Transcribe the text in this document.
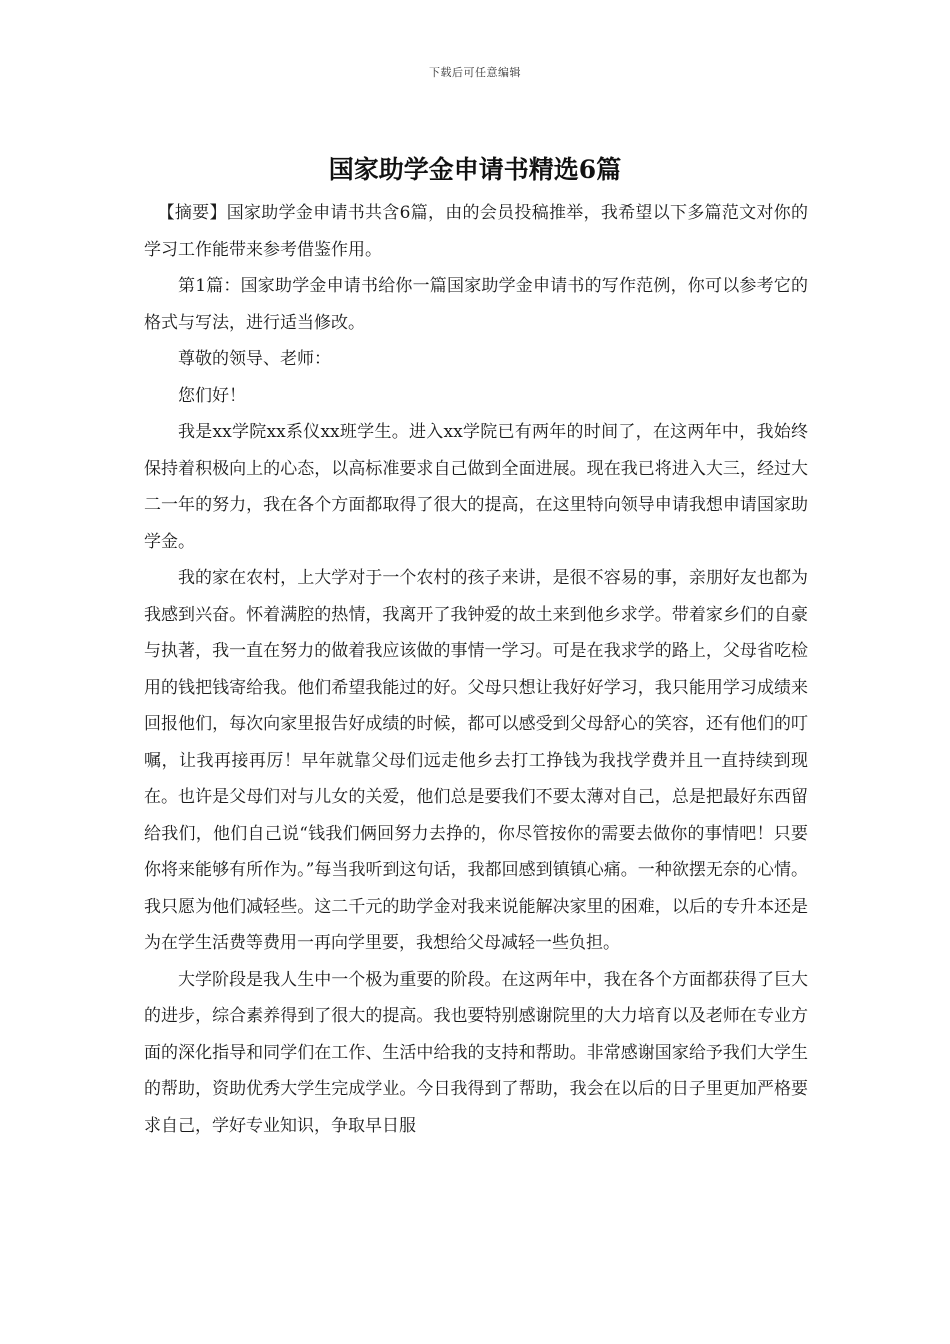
下载后可任意编辑
国家助学金申请书精选6篇

【摘要】国家助学金申请书共含6篇，由的会员投稿推举，我希望以下多篇范文对你的学习工作能带来参考借鉴作用。

第1篇：国家助学金申请书给你一篇国家助学金申请书的写作范例，你可以参考它的格式与写法，进行适当修改。

尊敬的领导、老师：

您们好！

我是xx学院xx系仪xx班学生。进入xx学院已有两年的时间了，在这两年中，我始终保持着积极向上的心态，以高标准要求自己做到全面进展。现在我已将进入大三，经过大二一年的努力，我在各个方面都取得了很大的提高，在这里特向领导申请我想申请国家助学金。

我的家在农村，上大学对于一个农村的孩子来讲，是很不容易的事，亲朋好友也都为我感到兴奋。怀着满腔的热情，我离开了我钟爱的故土来到他乡求学。带着家乡们的自豪与执著，我一直在努力的做着我应该做的事情一学习。可是在我求学的路上，父母省吃检用的钱把钱寄给我。他们希望我能过的好。父母只想让我好好学习，我只能用学习成绩来回报他们，每次向家里报告好成绩的时候，都可以感受到父母舒心的笑容，还有他们的叮嘱，让我再接再厉！早年就靠父母们远走他乡去打工挣钱为我找学费并且一直持续到现在。也许是父母们对与儿女的关爱，他们总是要我们不要太薄对自己，总是把最好东西留给我们，他们自己说“钱我们俩回努力去挣的，你尽管按你的需要去做你的事情吧！只要你将来能够有所作为。”每当我听到这句话，我都回感到镇镇心痛。一种欲摆无奈的心情。我只愿为他们减轻些。这二千元的助学金对我来说能解决家里的困难，以后的专升本还是为在学生活费等费用一再向学里要，我想给父母减轻一些负担。

大学阶段是我人生中一个极为重要的阶段。在这两年中，我在各个方面都获得了巨大的进步，综合素养得到了很大的提高。我也要特别感谢院里的大力培育以及老师在专业方面的深化指导和同学们在工作、生活中给我的支持和帮助。非常感谢国家给予我们大学生的帮助，资助优秀大学生完成学业。今日我得到了帮助，我会在以后的日子里更加严格要求自己，学好专业知识，争取早日服
